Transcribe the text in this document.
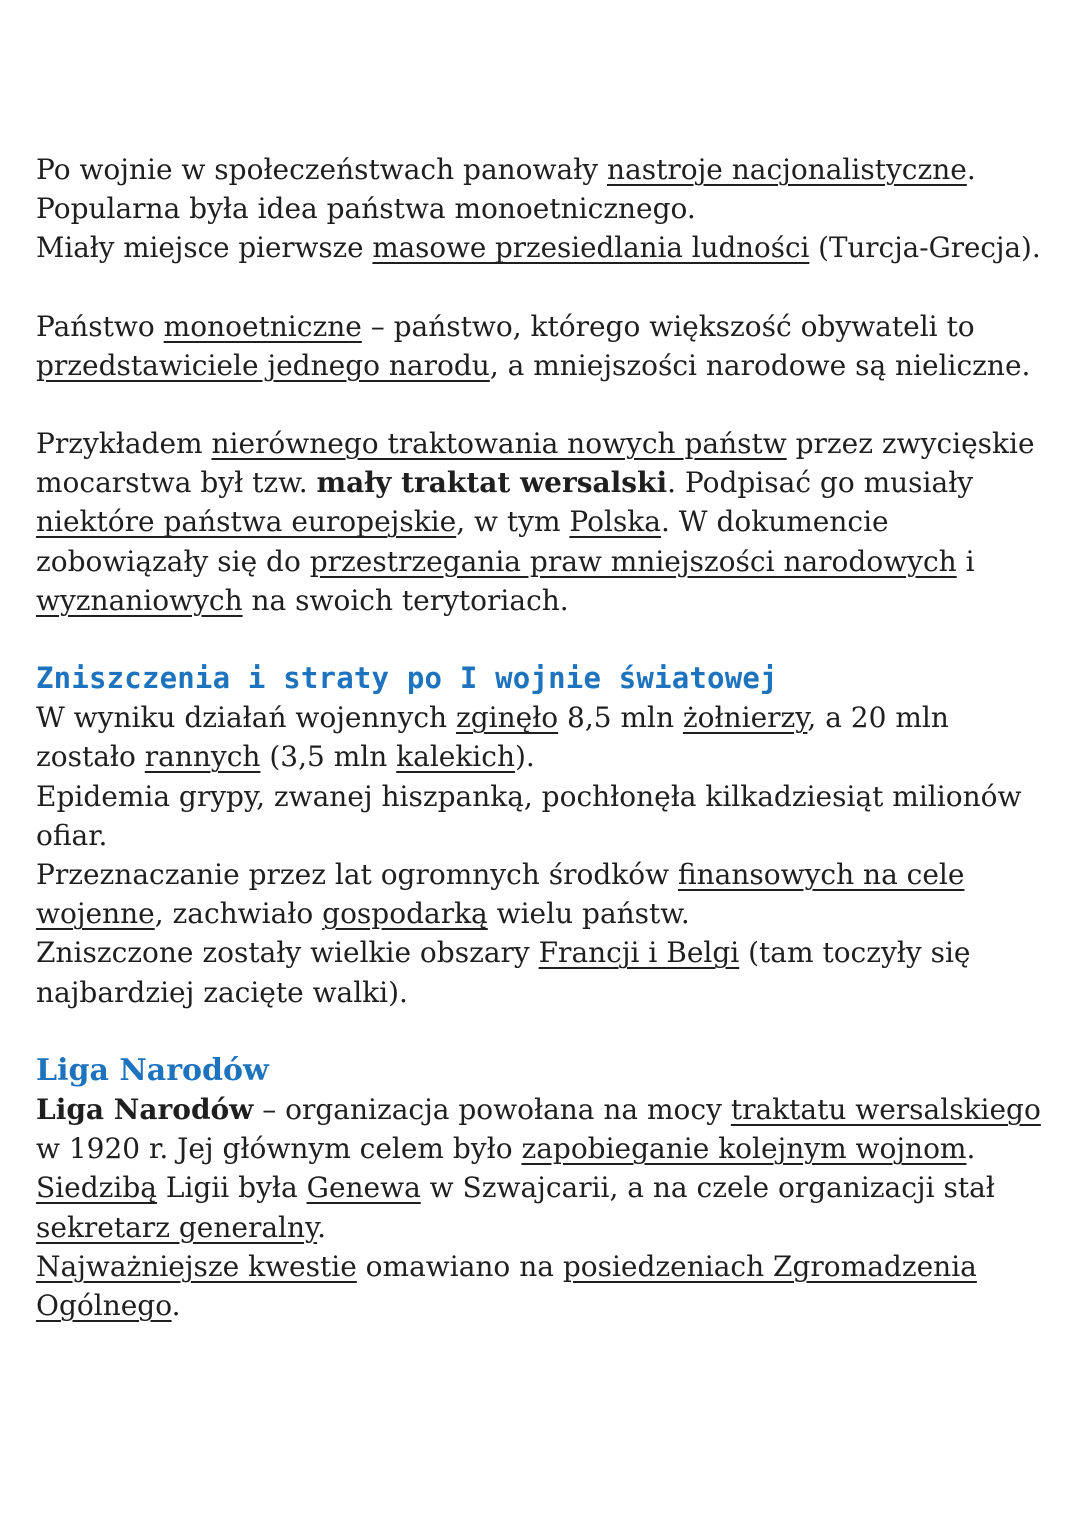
Po wojnie w społeczeństwach panowały nastroje nacjonalistyczne.

Popularna była idea państwa monoetnicznego.

Miały miejsce pierwsze masowe przesiedlania ludności (Turcja-Grecja).

Państwo monoetniczne – państwo, którego większość obywateli to

przedstawiciele jednego narodu, a mniejszości narodowe są nieliczne.

Przykładem nierównego traktowania nowych państw przez zwycięskie

mocarstwa był tzw. mały traktat wersalski. Podpisać go musiały

niektóre państwa europejskie, w tym Polska. W dokumencie

zobowiązały się do przestrzegania praw mniejszości narodowych i

wyznaniowych na swoich terytoriach.

Zniszczenia i straty po I wojnie światowej

W wyniku działań wojennych zginęło 8,5 mln żołnierzy, a 20 mln

zostało rannych (3,5 mln kalekich).

Epidemia grypy, zwanej hiszpanką, pochłonęła kilkadziesiąt milionów

ofiar.

Przeznaczanie przez lat ogromnych środków finansowych na cele

wojenne, zachwiało gospodarką wielu państw.

Zniszczone zostały wielkie obszary Francji i Belgi (tam toczyły się

najbardziej zacięte walki).

Liga Narodów

Liga Narodów – organizacja powołana na mocy traktatu wersalskiego

w 1920 r. Jej głównym celem było zapobieganie kolejnym wojnom.

Siedzibą Ligii była Genewa w Szwajcarii, a na czele organizacji stał

sekretarz generalny.

Najważniejsze kwestie omawiano na posiedzeniach Zgromadzenia

Ogólnego.
